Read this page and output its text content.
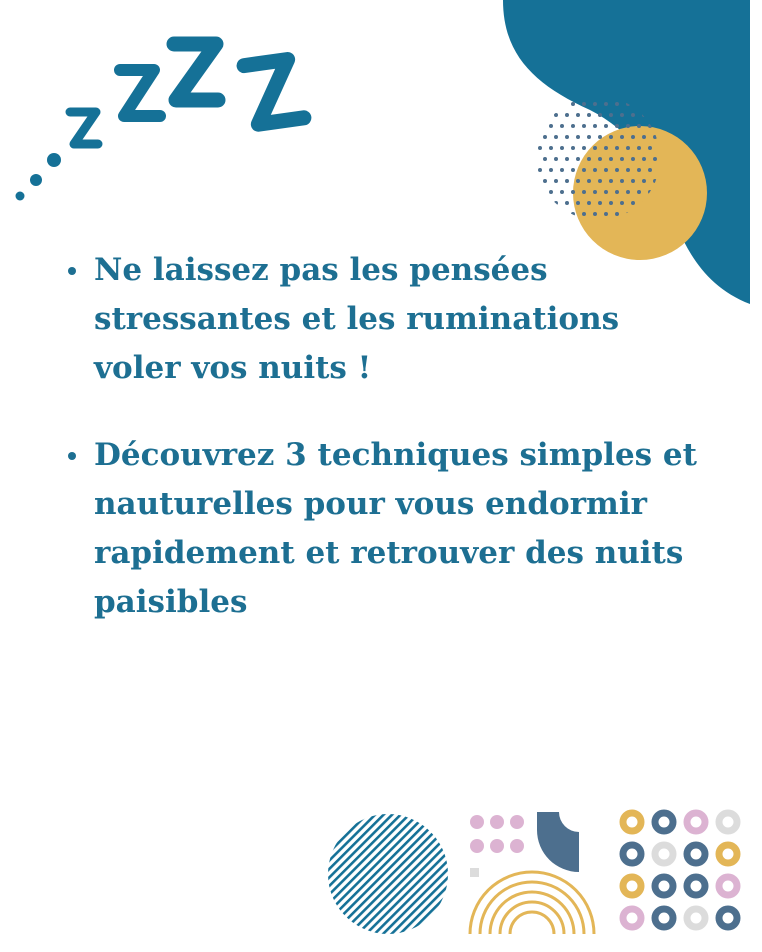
Ne laissez pas les pensées stressantes et les ruminations voler vos nuits !
Découvrez 3 techniques simples et nauturelles pour vous endormir rapidement et retrouver des nuits paisibles
